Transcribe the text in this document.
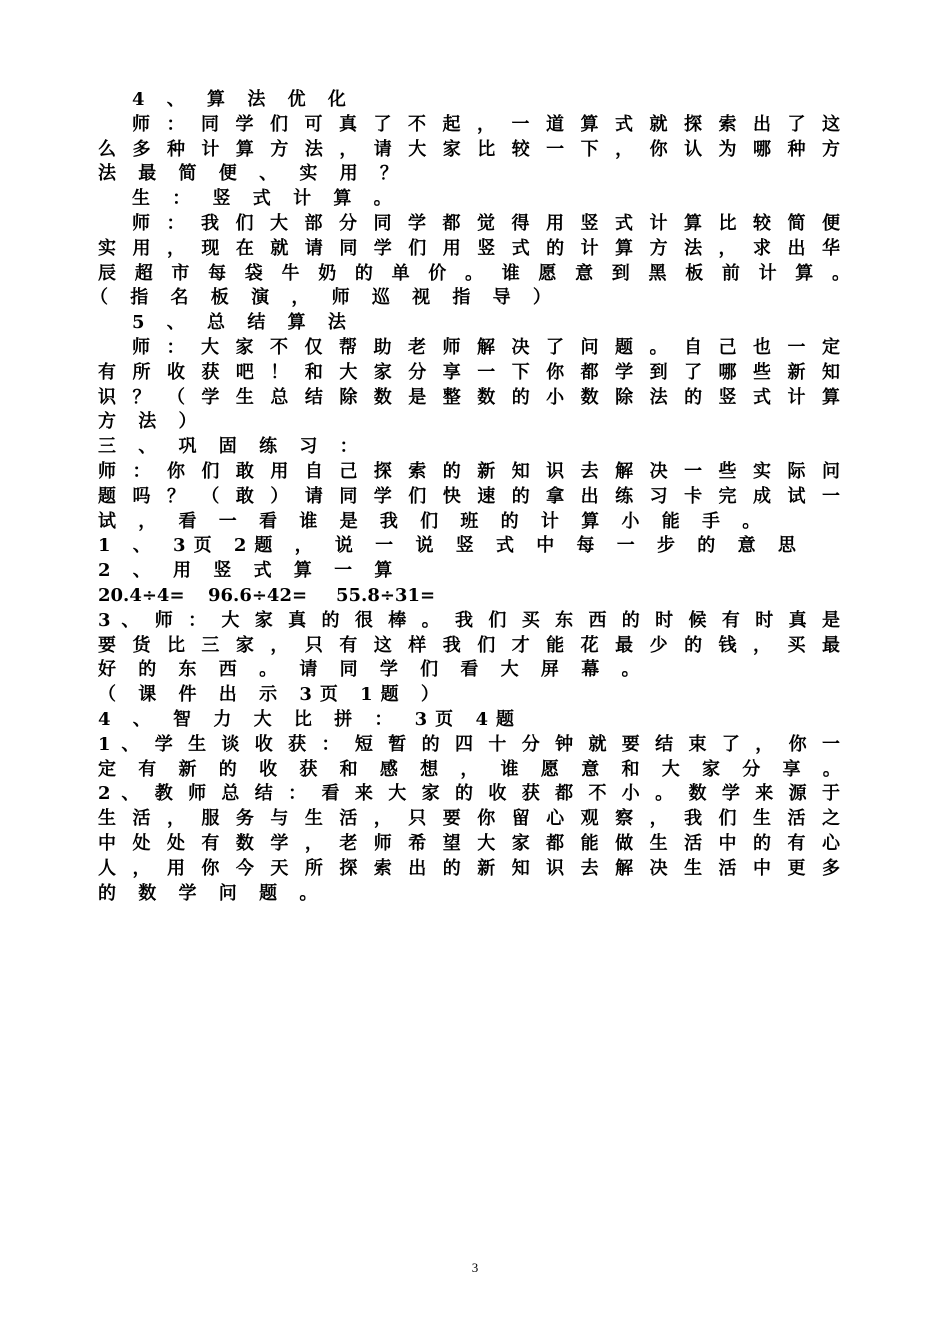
4 、 算 法 优 化
师 ： 同 学 们 可 真 了 不 起 ， 一 道 算 式 就 探 索 出 了 这
么 多 种 计 算 方 法 ， 请 大 家 比 较 一 下 ， 你 认 为 哪 种 方
法 最 简 便 、 实 用 ？
生 ： 竖 式 计 算 。
师 ： 我 们 大 部 分 同 学 都 觉 得 用 竖 式 计 算 比 较 简 便
实 用 ， 现 在 就 请 同 学 们 用 竖 式 的 计 算 方 法 ， 求 出 华
辰 超 市 每 袋 牛 奶 的 单 价 。 谁 愿 意 到 黑 板 前 计 算 。
（ 指 名 板 演 ， 师 巡 视 指 导 ）
5 、 总 结 算 法
师 ： 大 家 不 仅 帮 助 老 师 解 决 了 问 题 。 自 己 也 一 定
有 所 收 获 吧 ！ 和 大 家 分 享 一 下 你 都 学 到 了 哪 些 新 知
识 ？ （ 学 生 总 结 除 数 是 整 数 的 小 数 除 法 的 竖 式 计 算
方 法 ）
三 、 巩 固 练 习 ：
师 ： 你 们 敢 用 自 己 探 索 的 新 知 识 去 解 决 一 些 实 际 问
题 吗 ？ （ 敢 ） 请 同 学 们 快 速 的 拿 出 练 习 卡 完 成 试 一
试 ， 看 一 看 谁 是 我 们 班 的 计 算 小 能 手 。
1 、 3页 2题 ， 说 一 说 竖 式 中 每 一 步 的 意 思
2 、 用 竖 式 算 一 算
20.4÷4= 96.6÷42= 55.8÷31=
3 、 师 ： 大 家 真 的 很 棒 。 我 们 买 东 西 的 时 候 有 时 真 是
要 货 比 三 家 ， 只 有 这 样 我 们 才 能 花 最 少 的 钱 ， 买 最
好 的 东 西 。 请 同 学 们 看 大 屏 幕 。
（ 课 件 出 示 3页 1题 ）
4 、 智 力 大 比 拼 ： 3页 4题
1 、 学 生 谈 收 获 ： 短 暂 的 四 十 分 钟 就 要 结 束 了 ， 你 一
定 有 新 的 收 获 和 感 想 ， 谁 愿 意 和 大 家 分 享 。
2 、 教 师 总 结 ： 看 来 大 家 的 收 获 都 不 小 。 数 学 来 源 于
生 活 ， 服 务 与 生 活 ， 只 要 你 留 心 观 察 ， 我 们 生 活 之
中 处 处 有 数 学 ， 老 师 希 望 大 家 都 能 做 生 活 中 的 有 心
人 ， 用 你 今 天 所 探 索 出 的 新 知 识 去 解 决 生 活 中 更 多
的 数 学 问 题 。
3
